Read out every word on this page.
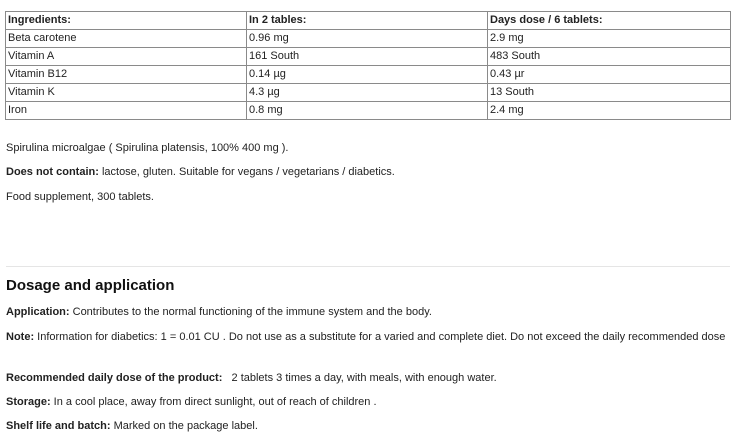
Ingredients:	In 2 tables:	Days dose / 6 tablets:
Beta carotene	0.96 mg	2.9 mg
Vitamin A	161 South	483 South
Vitamin B12	0.14 µg	0.43 µr
Vitamin K	4.3 µg	13 South
Iron	0.8 mg	2.4 mg
Spirulina microalgae ( Spirulina platensis, 100% 400 mg ).
Does not contain: lactose, gluten. Suitable for vegans / vegetarians / diabetics.
Food supplement, 300 tablets.
Dosage and application
Application: Contributes to the normal functioning of the immune system and the body.
Note: Information for diabetics: 1 = 0.01 CU . Do not use as a substitute for a varied and complete diet. Do not exceed the daily recommended dose
Recommended daily dose of the product:   2 tablets 3 times a day, with meals, with enough water.
Storage: In a cool place, away from direct sunlight, out of reach of children .
Shelf life and batch: Marked on the package label.
